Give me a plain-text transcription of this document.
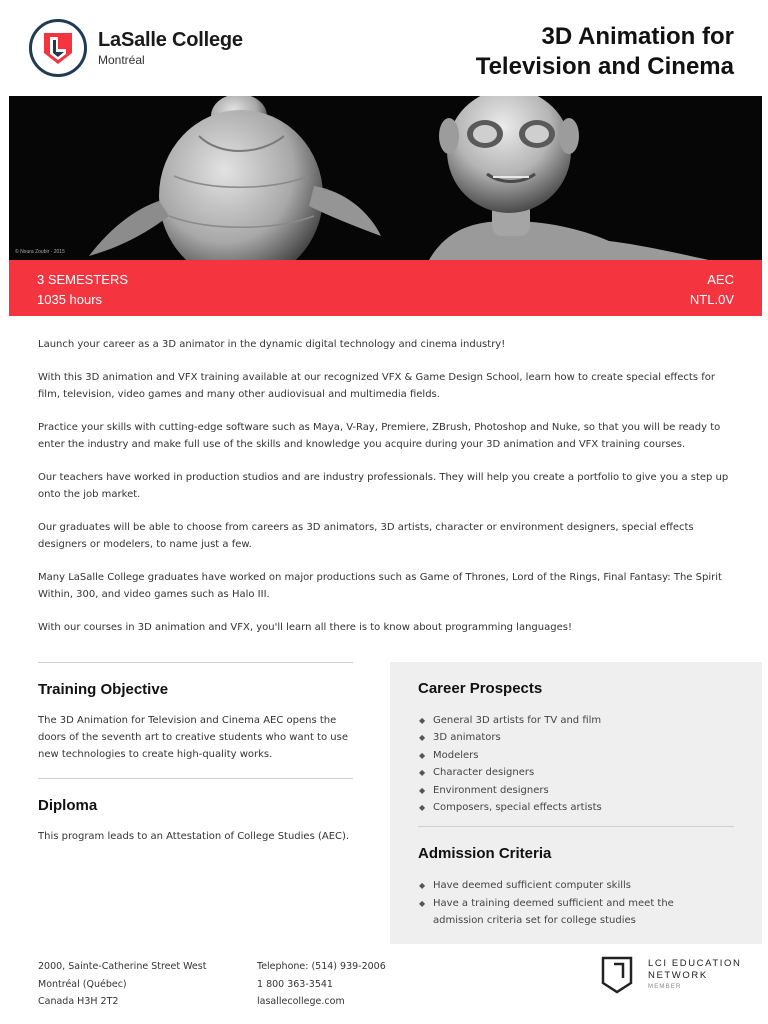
LaSalle College
Montréal
3D Animation for
Television and Cinema
© Noura Zoubir · 2015
3 SEMESTERS
1035 hours
AEC
NTL.0V

Launch your career as a 3D animator in the dynamic digital technology and cinema industry!

With this 3D animation and VFX training available at our recognized VFX & Game Design School, learn how to create special effects for film, television, video games and many other audiovisual and multimedia fields.

Practice your skills with cutting-edge software such as Maya, V-Ray, Premiere, ZBrush, Photoshop and Nuke, so that you will be ready to enter the industry and make full use of the skills and knowledge you acquire during your 3D animation and VFX training courses.

Our teachers have worked in production studios and are industry professionals. They will help you create a portfolio to give you a step up onto the job market.

Our graduates will be able to choose from careers as 3D animators, 3D artists, character or environment designers, special effects designers or modelers, to name just a few.

Many LaSalle College graduates have worked on major productions such as Game of Thrones, Lord of the Rings, Final Fantasy: The Spirit Within, 300, and video games such as Halo III.

With our courses in 3D animation and VFX, you'll learn all there is to know about programming languages!

Training Objective
The 3D Animation for Television and Cinema AEC opens the doors of the seventh art to creative students who want to use new technologies to create high-quality works.
Diploma
This program leads to an Attestation of College Studies (AEC).
Career Prospects
◆ General 3D artists for TV and film
◆ 3D animators
◆ Modelers
◆ Character designers
◆ Environment designers
◆ Composers, special effects artists
Admission Criteria
◆ Have deemed sufficient computer skills
◆ Have a training deemed sufficient and meet the admission criteria set for college studies
2000, Sainte-Catherine Street West
Montréal (Québec)
Canada H3H 2T2
Telephone: (514) 939-2006
1 800 363-3541
lasallecollege.com
LCI EDUCATION
NETWORK
MEMBER
